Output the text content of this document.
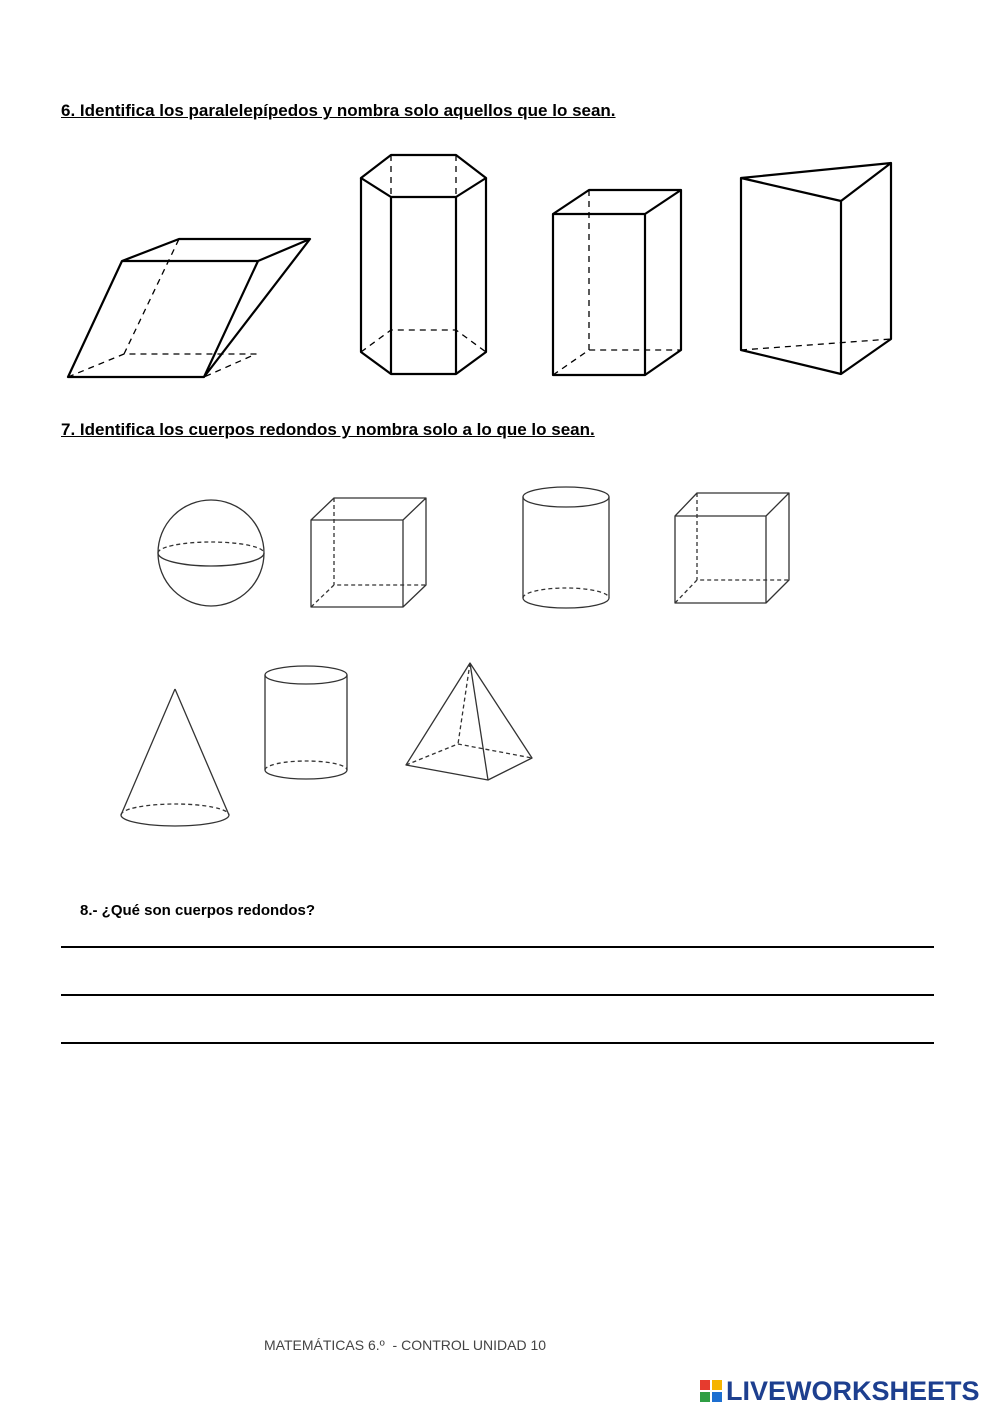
6. Identifica los paralelepípedos y nombra solo aquellos que lo sean.
7. Identifica los cuerpos redondos y nombra solo a lo que lo sean.
8.- ¿Qué son cuerpos redondos?
MATEMÁTICAS 6.º  - CONTROL UNIDAD 10
LIVEWORKSHEETS
